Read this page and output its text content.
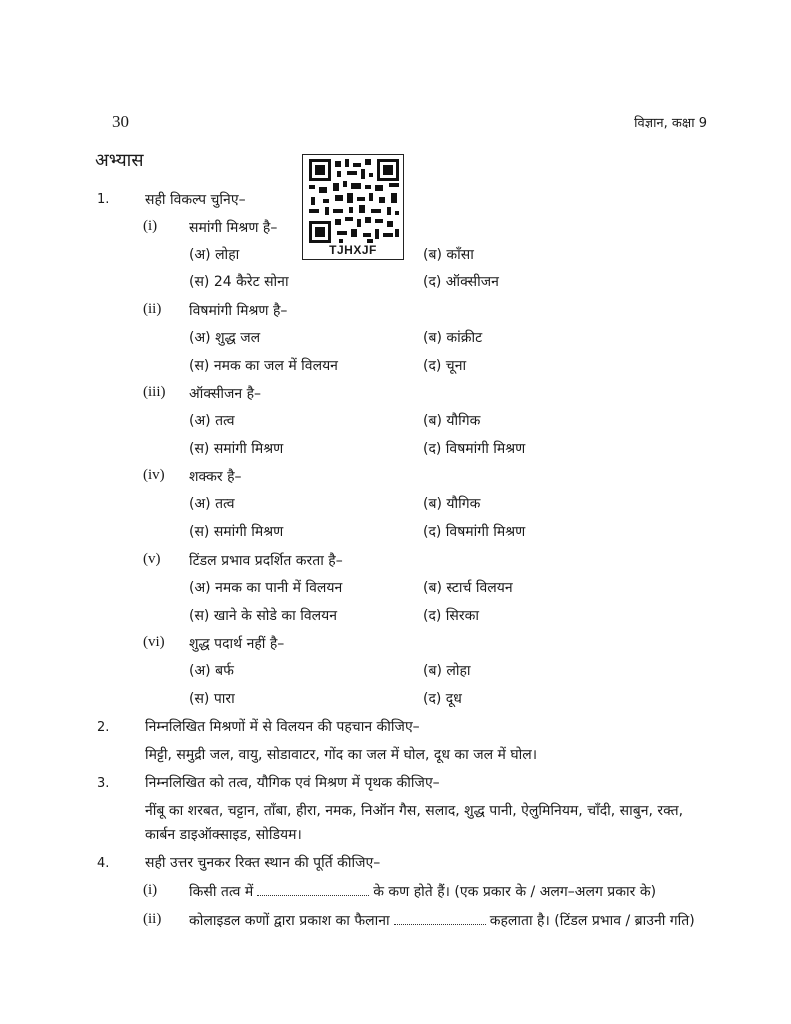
30	विज्ञान, कक्षा 9
अभ्यास
TJHXJF
1.	सही विकल्प चुनिए–
(i) समांगी मिश्रण है–
(अ) लोहा	(ब) काँसा
(स) 24 कैरेट सोना	(द) ऑक्सीजन
(ii) विषमांगी मिश्रण है–
(अ) शुद्ध जल	(ब) कांक्रीट
(स) नमक का जल में विलयन	(द) चूना
(iii) ऑक्सीजन है–
(अ) तत्व	(ब) यौगिक
(स) समांगी मिश्रण	(द) विषमांगी मिश्रण
(iv) शक्कर है–
(अ) तत्व	(ब) यौगिक
(स) समांगी मिश्रण	(द) विषमांगी मिश्रण
(v) टिंडल प्रभाव प्रदर्शित करता है–
(अ) नमक का पानी में विलयन	(ब) स्टार्च विलयन
(स) खाने के सोडे का विलयन	(द) सिरका
(vi) शुद्ध पदार्थ नहीं है–
(अ) बर्फ	(ब) लोहा
(स) पारा	(द) दूध
2.	निम्नलिखित मिश्रणों में से विलयन की पहचान कीजिए–
मिट्टी, समुद्री जल, वायु, सोडावाटर, गोंद का जल में घोल, दूध का जल में घोल।
3.	निम्नलिखित को तत्व, यौगिक एवं मिश्रण में पृथक कीजिए–
नींबू का शरबत, चट्टान, ताँबा, हीरा, नमक, निऑन गैस, सलाद, शुद्ध पानी, ऐलुमिनियम, चाँदी, साबुन, रक्त,
कार्बन डाइऑक्साइड, सोडियम।
4.	सही उत्तर चुनकर रिक्त स्थान की पूर्ति कीजिए–
(i) किसी तत्व में	के कण होते हैं। (एक प्रकार के / अलग–अलग प्रकार के)
(ii) कोलाइडल कणों द्वारा प्रकाश का फैलाना	कहलाता है। (टिंडल प्रभाव / ब्राउनी गति)
